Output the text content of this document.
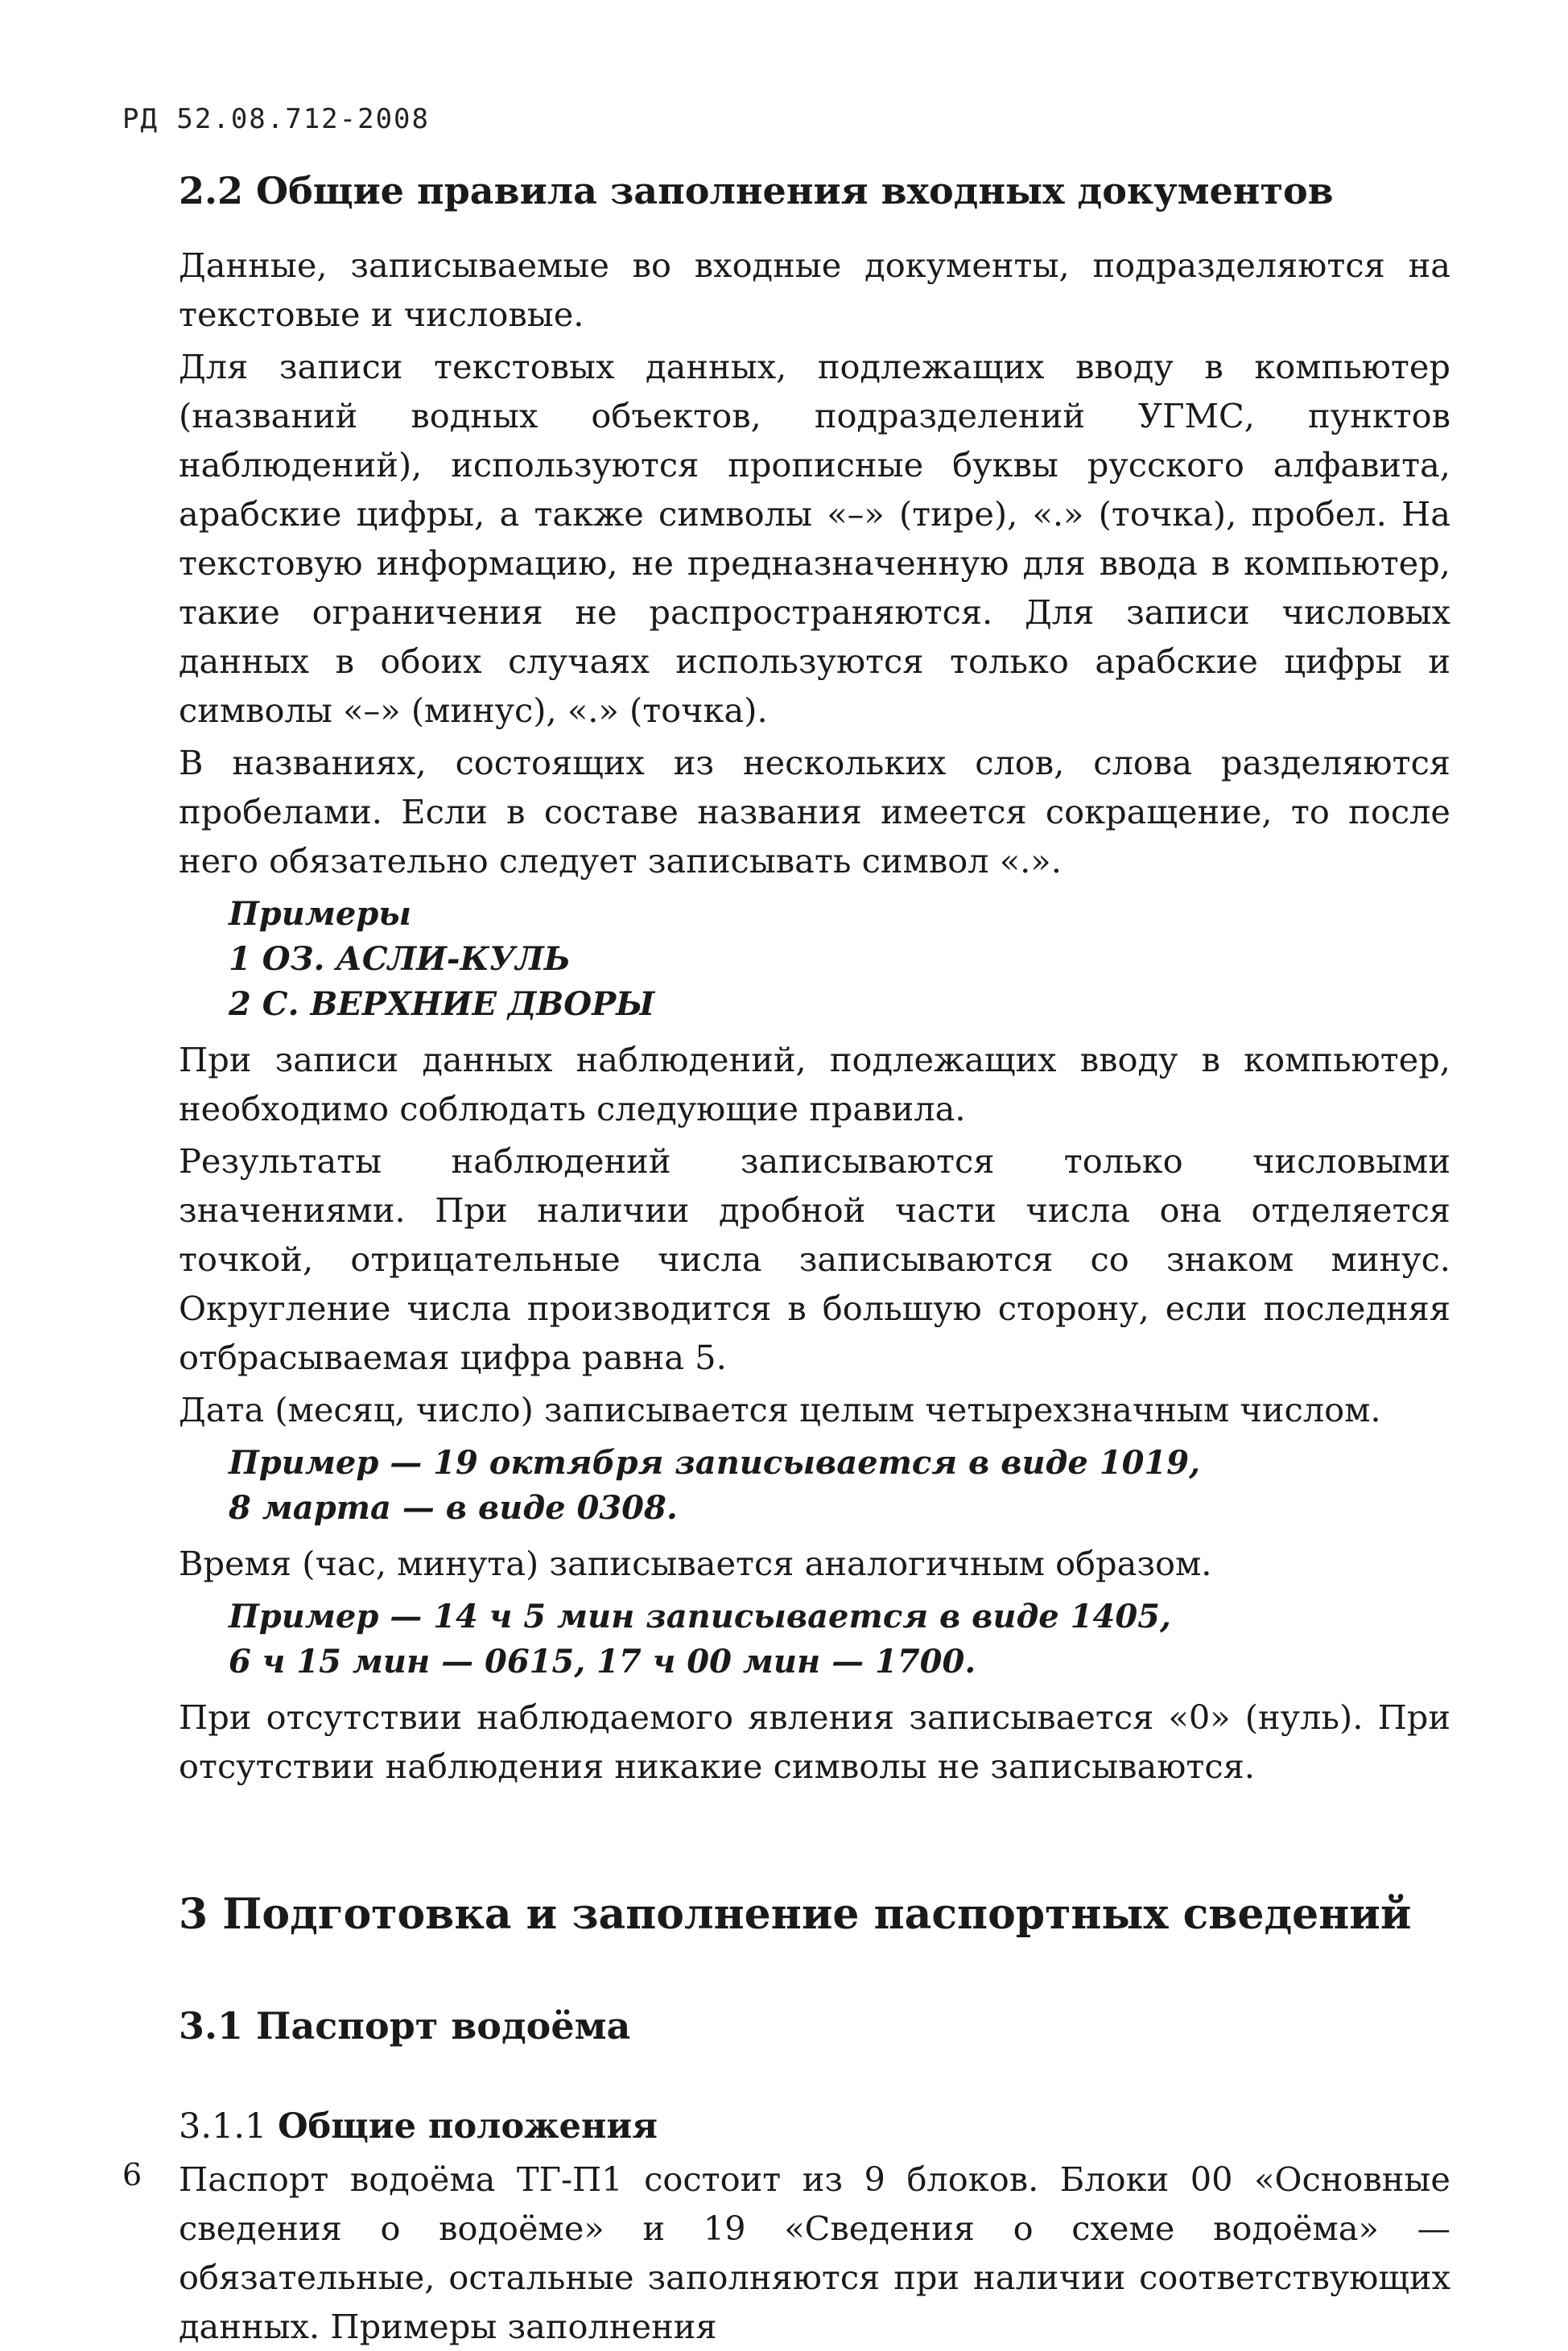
РД 52.08.712-2008
2.2 Общие правила заполнения входных документов

Данные, записываемые во входные документы, подразделяются на текстовые и числовые.

Для записи текстовых данных, подлежащих вводу в компьютер (названий водных объектов, подразделений УГМС, пунктов наблюдений), используются прописные буквы русского алфавита, арабские цифры, а также символы «–» (тире), «.» (точка), пробел. На текстовую информацию, не предназначенную для ввода в компьютер, такие ограничения не распространяются. Для записи числовых данных в обоих случаях используются только арабские цифры и символы «–» (минус), «.» (точка).

В названиях, состоящих из нескольких слов, слова разделяются пробелами. Если в составе названия имеется сокращение, то после него обязательно следует записывать символ «.».

Примеры
1 ОЗ. АСЛИ-КУЛЬ
2 С. ВЕРХНИЕ ДВОРЫ

При записи данных наблюдений, подлежащих вводу в компьютер, необходимо соблюдать следующие правила.

Результаты наблюдений записываются только числовыми значениями. При наличии дробной части числа она отделяется точкой, отрицательные числа записываются со знаком минус. Округление числа производится в большую сторону, если последняя отбрасываемая цифра равна 5.

Дата (месяц, число) записывается целым четырехзначным числом.

Пример — 19 октября записывается в виде 1019,
8 марта — в виде 0308.

Время (час, минута) записывается аналогичным образом.

Пример — 14 ч 5 мин записывается в виде 1405,
6 ч 15 мин — 0615, 17 ч 00 мин — 1700.

При отсутствии наблюдаемого явления записывается «0» (нуль). При отсутствии наблюдения никакие символы не записываются.

3 Подготовка и заполнение паспортных сведений
3.1 Паспорт водоёма
3.1.1 Общие положения

Паспорт водоёма ТГ-П1 состоит из 9 блоков. Блоки 00 «Основные сведения о водоёме» и 19 «Сведения о схеме водоёма» — обязательные, остальные заполняются при наличии соответствующих данных. Примеры заполнения

6
